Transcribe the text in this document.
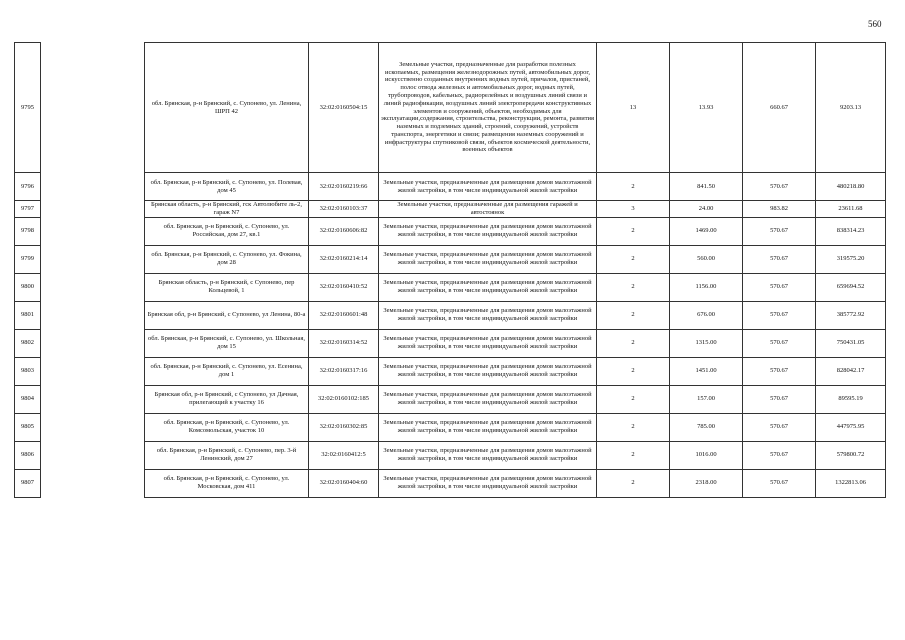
560
9795		обл. Брянская, р-н Брянский, с. Супонево, ул. Ленина, ШРП 42	32:02:0160504:15	Земельные участки, предназначенные для разработки полезных ископаемых, размещения железнодорожных путей, автомобильных дорог, искусственно созданных внутренних водных путей, причалов, пристаней, полос отвода железных и автомобильных дорог, водных путей, трубопроводов, кабельных, радиорелейных и воздушных линий связи и линий радиофикации, воздушных линий электропередачи конструктивных элементов и сооружений, объектов, необходимых для эксплуатации,содержания, строительства, реконструкции, ремонта, развития наземных и подземных зданий, строений, сооружений, устройств транспорта, энергетики и связи; размещения наземных сооружений и инфраструктуры спутниковой связи, объектов космической деятельности, военных объектов	13	13.93	660.67	9203.13
9796		обл. Брянская, р-н Брянский, с. Супонево, ул. Полевая, дом 45	32:02:0160219:66	Земельные участки, предназначенные для размещения домов малоэтажной жилой застройки, в том числе индивидуальной жилой застройки	2	841.50	570.67	480218.80
9797		Брянская область, р-н Брянский, гск Автолюбите ль-2, гараж N7	32:02:0160103:37	Земельные участки, предназначенные для размещения гаражей и автостоянок	3	24.00	983.82	23611.68
9798		обл. Брянская, р-н Брянский, с. Супонево, ул. Российская, дом 27, кв.1	32:02:0160606:82	Земельные участки, предназначенные для размещения домов малоэтажной жилой застройки, в том числе индивидуальной жилой застройки	2	1469.00	570.67	838314.23
9799		обл. Брянская, р-н Брянский, с. Супонево, ул. Фокина, дом 28	32:02:0160214:14	Земельные участки, предназначенные для размещения домов малоэтажной жилой застройки, в том числе индивидуальной жилой застройки	2	560.00	570.67	319575.20
9800		Брянская область, р-н Брянский, с Супонево, пер Кольцевой, 1	32:02:0160410:52	Земельные участки, предназначенные для размещения домов малоэтажной жилой застройки, в том числе индивидуальной жилой застройки	2	1156.00	570.67	659694.52
9801		Брянская обл, р-н Брянский, с Супонево, ул Ленина, 80-а	32:02:0160601:48	Земельные участки, предназначенные для размещения домов малоэтажной жилой застройки, в том числе индивидуальной жилой застройки	2	676.00	570.67	385772.92
9802		обл. Брянская, р-н Брянский, с. Супонево, ул. Школьная, дом 15	32:02:0160314:52	Земельные участки, предназначенные для размещения домов малоэтажной жилой застройки, в том числе индивидуальной жилой застройки	2	1315.00	570.67	750431.05
9803		обл. Брянская, р-н Брянский, с. Супонево, ул. Есенина, дом 1	32:02:0160317:16	Земельные участки, предназначенные для размещения домов малоэтажной жилой застройки, в том числе индивидуальной жилой застройки	2	1451.00	570.67	828042.17
9804		Брянская обл, р-н Брянский, с Супонево, ул Дачная, прилегающий к участку 16	32:02:0160102:185	Земельные участки, предназначенные для размещения домов малоэтажной жилой застройки, в том числе индивидуальной жилой застройки	2	157.00	570.67	89595.19
9805		обл. Брянская, р-н Брянский, с. Супонево, ул. Комсомольская, участок 10	32:02:0160302:85	Земельные участки, предназначенные для размещения домов малоэтажной жилой застройки, в том числе индивидуальной жилой застройки	2	785.00	570.67	447975.95
9806		обл. Брянская, р-н Брянский, с. Супонево, пер. 3-й Ленинский, дом 27	32:02:0160412:5	Земельные участки, предназначенные для размещения домов малоэтажной жилой застройки, в том числе индивидуальной жилой застройки	2	1016.00	570.67	579800.72
9807		обл. Брянская, р-н Брянский, с. Супонево, ул. Московская, дом 411	32:02:0160404:60	Земельные участки, предназначенные для размещения домов малоэтажной жилой застройки, в том числе индивидуальной жилой застройки	2	2318.00	570.67	1322813.06
